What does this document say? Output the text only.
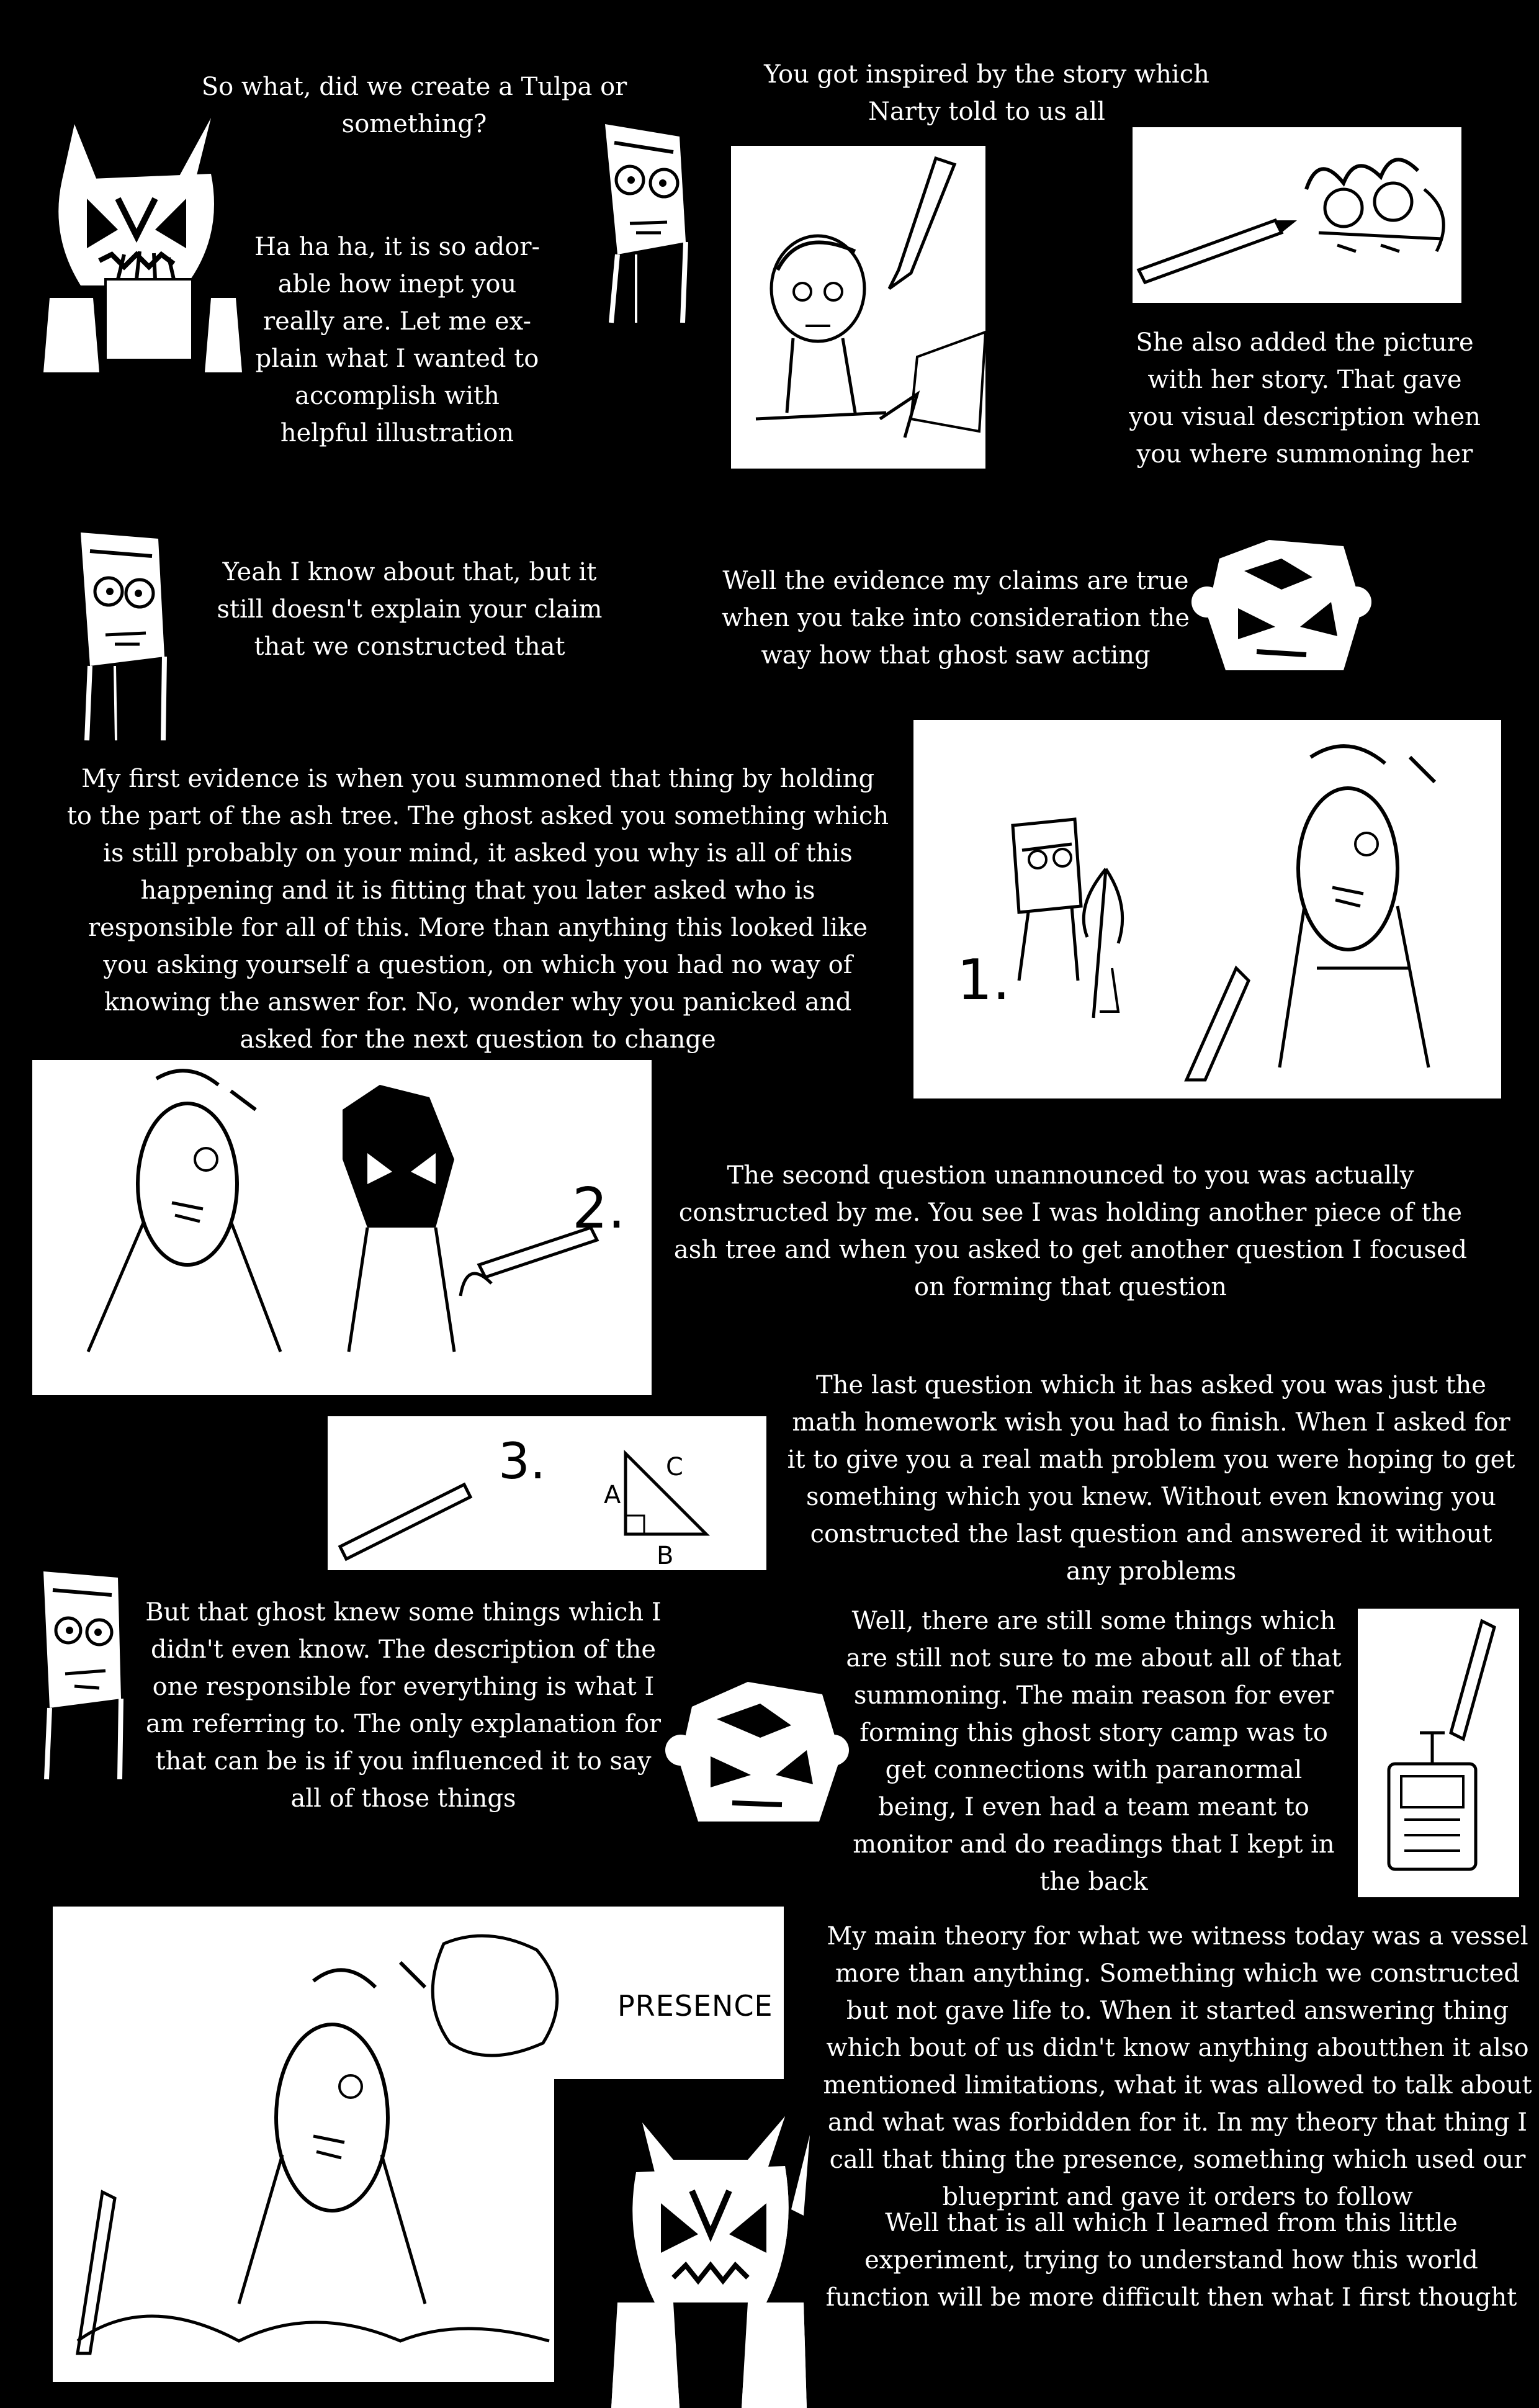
So what, did we create a Tulpa or something?
You got inspired by the story which Narty told to us all
Ha ha ha, it is so ador-able how inept you really are. Let me ex-plain what I wanted to accomplish with helpful illustration
She also added the picture with her story. That gave you visual description when you where summoning her
Yeah I know about that, but it still doesn't explain your claim that we constructed that
Well the evidence my claims are true when you take into consideration the way how that ghost saw acting
My first evidence is when you summoned that thing by holding to the part of the ash tree. The ghost asked you something which is still probably on your mind, it asked you why is all of this happening and it is fitting that you later asked who is responsible for all of this. More than anything this looked like you asking yourself a question, on which you had no way of knowing the answer for. No, wonder why you panicked and asked for the next question to change
The second question unannounced to you was actually constructed by me. You see I was holding another piece of the ash tree and when you asked to get another question I focused on forming that question
The last question which it has asked you was just the math homework wish you had to finish. When I asked for it to give you a real math problem you were hoping to get something which you knew. Without even knowing you constructed the last question and answered it without any problems
But that ghost knew some things which I didn't even know. The description of the one responsible for everything is what I am referring to. The only explanation for that can be is if you influenced it to say all of those things
Well, there are still some things which are still not sure to me about all of that summoning. The main reason for ever forming this ghost story camp was to get connections with paranormal being, I even had a team meant to monitor and do readings that I kept in the back
My main theory for what we witness today was a vessel more than anything. Something which we constructed but not gave life to. When it started answering thing which bout of us didn't know anything aboutthen it also mentioned limitations, what it was allowed to talk about and what was forbidden for it. In my theory that thing I call that thing the presence, something which used our blueprint and gave it orders to follow
Well that is all which I learned from this little experiment, trying to understand how this world function will be more difficult then what I first thought
1.
2.
3.
A
C
B
PRESENCE
